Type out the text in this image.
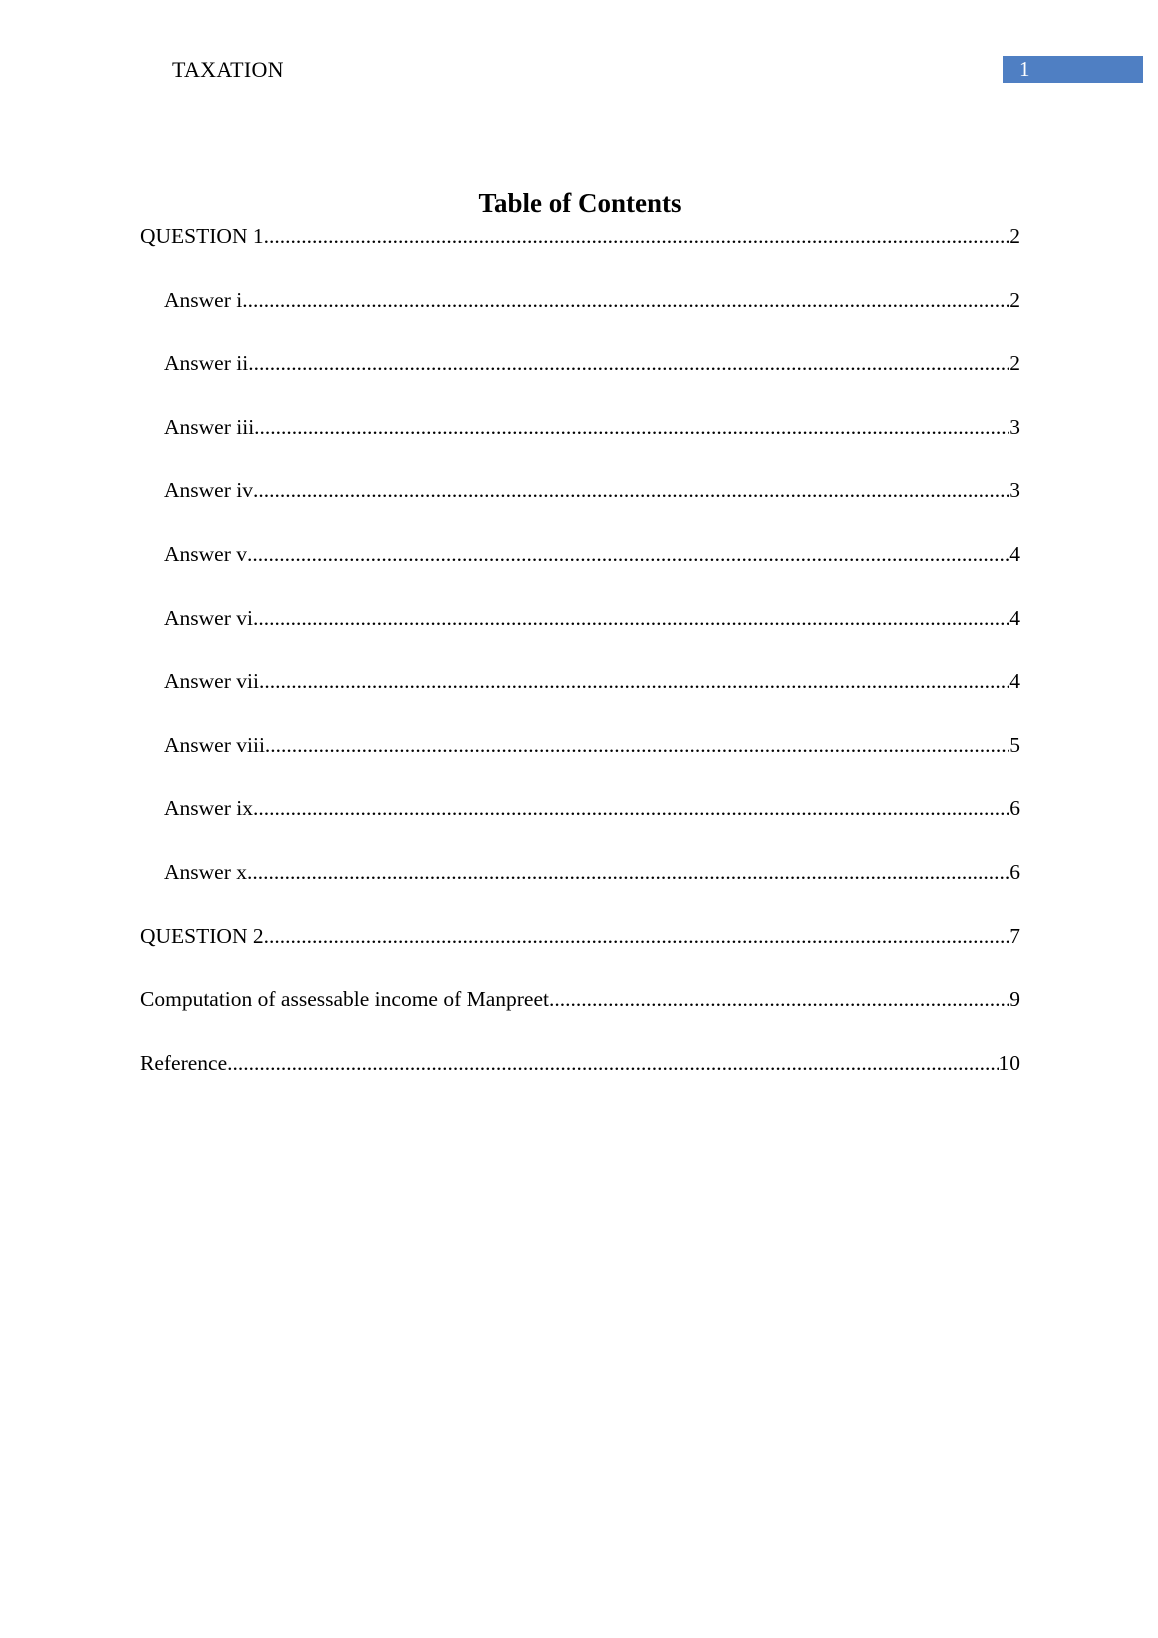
TAXATION	1
Table of Contents
QUESTION 1 .....	2
Answer i .....	2
Answer ii .....	2
Answer iii .....	3
Answer iv .....	3
Answer v .....	4
Answer vi .....	4
Answer vii .....	4
Answer viii .....	5
Answer ix .....	6
Answer x .....	6
QUESTION 2 .....	7
Computation of assessable income of Manpreet .....	9
Reference .....	10
